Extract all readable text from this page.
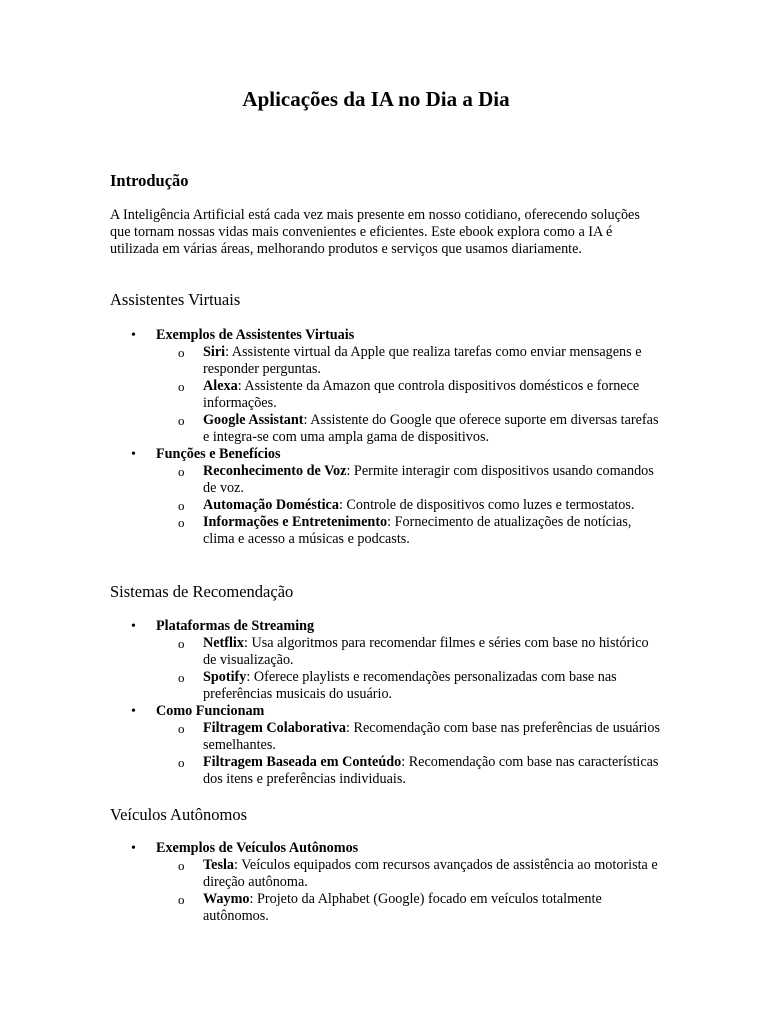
Aplicações da IA no Dia a Dia
Introdução

A Inteligência Artificial está cada vez mais presente em nosso cotidiano, oferecendo soluções que tornam nossas vidas mais convenientes e eficientes. Este ebook explora como a IA é utilizada em várias áreas, melhorando produtos e serviços que usamos diariamente.

Assistentes Virtuais
• Exemplos de Assistentes Virtuais
o Siri: Assistente virtual da Apple que realiza tarefas como enviar mensagens e responder perguntas.
o Alexa: Assistente da Amazon que controla dispositivos domésticos e fornece informações.
o Google Assistant: Assistente do Google que oferece suporte em diversas tarefas e integra-se com uma ampla gama de dispositivos.
• Funções e Benefícios
o Reconhecimento de Voz: Permite interagir com dispositivos usando comandos de voz.
o Automação Doméstica: Controle de dispositivos como luzes e termostatos.
o Informações e Entretenimento: Fornecimento de atualizações de notícias, clima e acesso a músicas e podcasts.
Sistemas de Recomendação
• Plataformas de Streaming
o Netflix: Usa algoritmos para recomendar filmes e séries com base no histórico de visualização.
o Spotify: Oferece playlists e recomendações personalizadas com base nas preferências musicais do usuário.
• Como Funcionam
o Filtragem Colaborativa: Recomendação com base nas preferências de usuários semelhantes.
o Filtragem Baseada em Conteúdo: Recomendação com base nas características dos itens e preferências individuais.
Veículos Autônomos
• Exemplos de Veículos Autônomos
o Tesla: Veículos equipados com recursos avançados de assistência ao motorista e direção autônoma.
o Waymo: Projeto da Alphabet (Google) focado em veículos totalmente autônomos.
